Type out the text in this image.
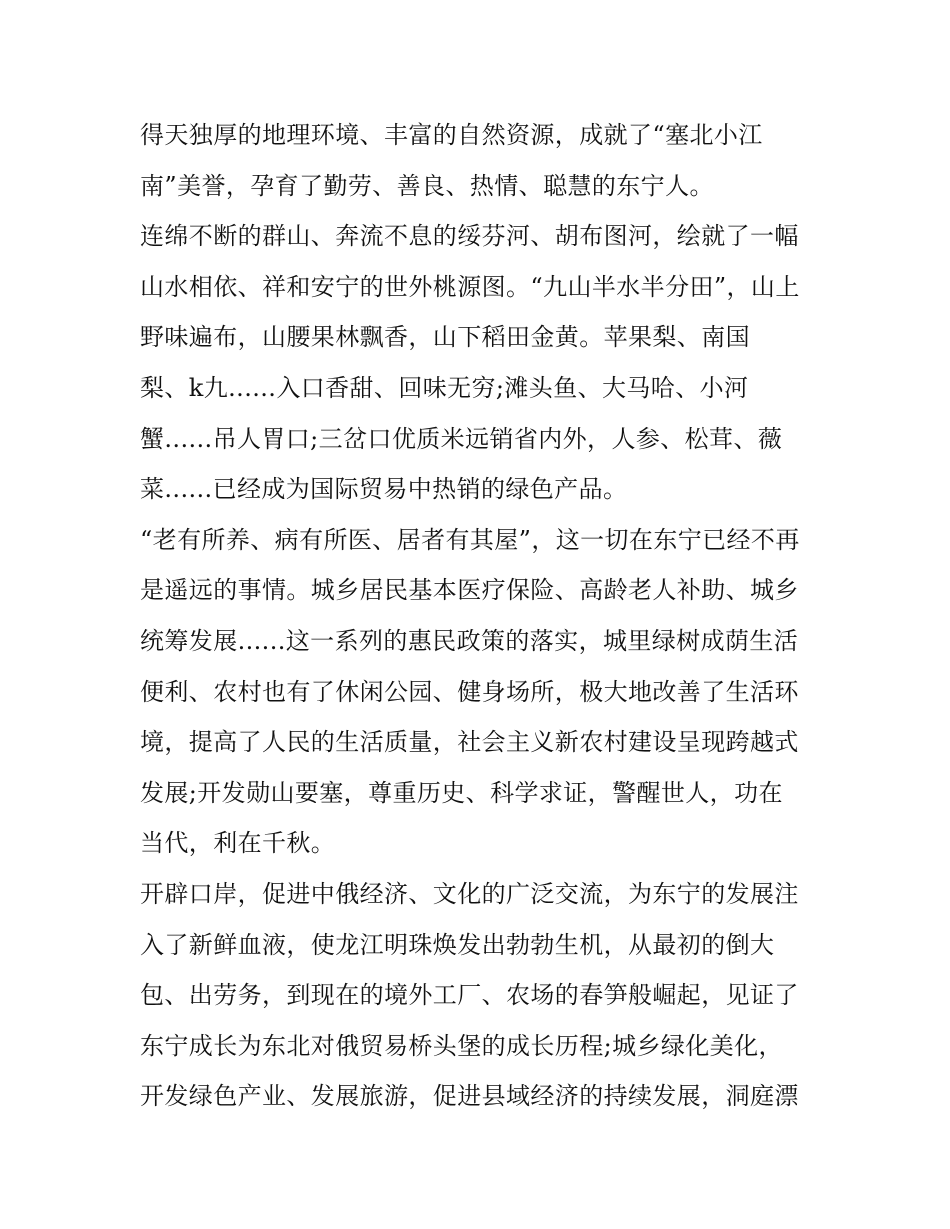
得天独厚的地理环境、丰富的自然资源，成就了“塞北小江
南”美誉，孕育了勤劳、善良、热情、聪慧的东宁人。
连绵不断的群山、奔流不息的绥芬河、胡布图河，绘就了一幅
山水相依、祥和安宁的世外桃源图。“九山半水半分田”，山上
野味遍布，山腰果林飘香，山下稻田金黄。苹果梨、南国
梨、k九......入口香甜、回味无穷;滩头鱼、大马哈、小河
蟹......吊人胃口;三岔口优质米远销省内外，人参、松茸、薇
菜......已经成为国际贸易中热销的绿色产品。
“老有所养、病有所医、居者有其屋”，这一切在东宁已经不再
是遥远的事情。城乡居民基本医疗保险、高龄老人补助、城乡
统筹发展......这一系列的惠民政策的落实，城里绿树成荫生活
便利、农村也有了休闲公园、健身场所，极大地改善了生活环
境，提高了人民的生活质量，社会主义新农村建设呈现跨越式
发展;开发勋山要塞，尊重历史、科学求证，警醒世人，功在
当代，利在千秋。
开辟口岸，促进中俄经济、文化的广泛交流，为东宁的发展注
入了新鲜血液，使龙江明珠焕发出勃勃生机，从最初的倒大
包、出劳务，到现在的境外工厂、农场的春笋般崛起，见证了
东宁成长为东北对俄贸易桥头堡的成长历程;城乡绿化美化，
开发绿色产业、发展旅游，促进县域经济的持续发展，洞庭漂
